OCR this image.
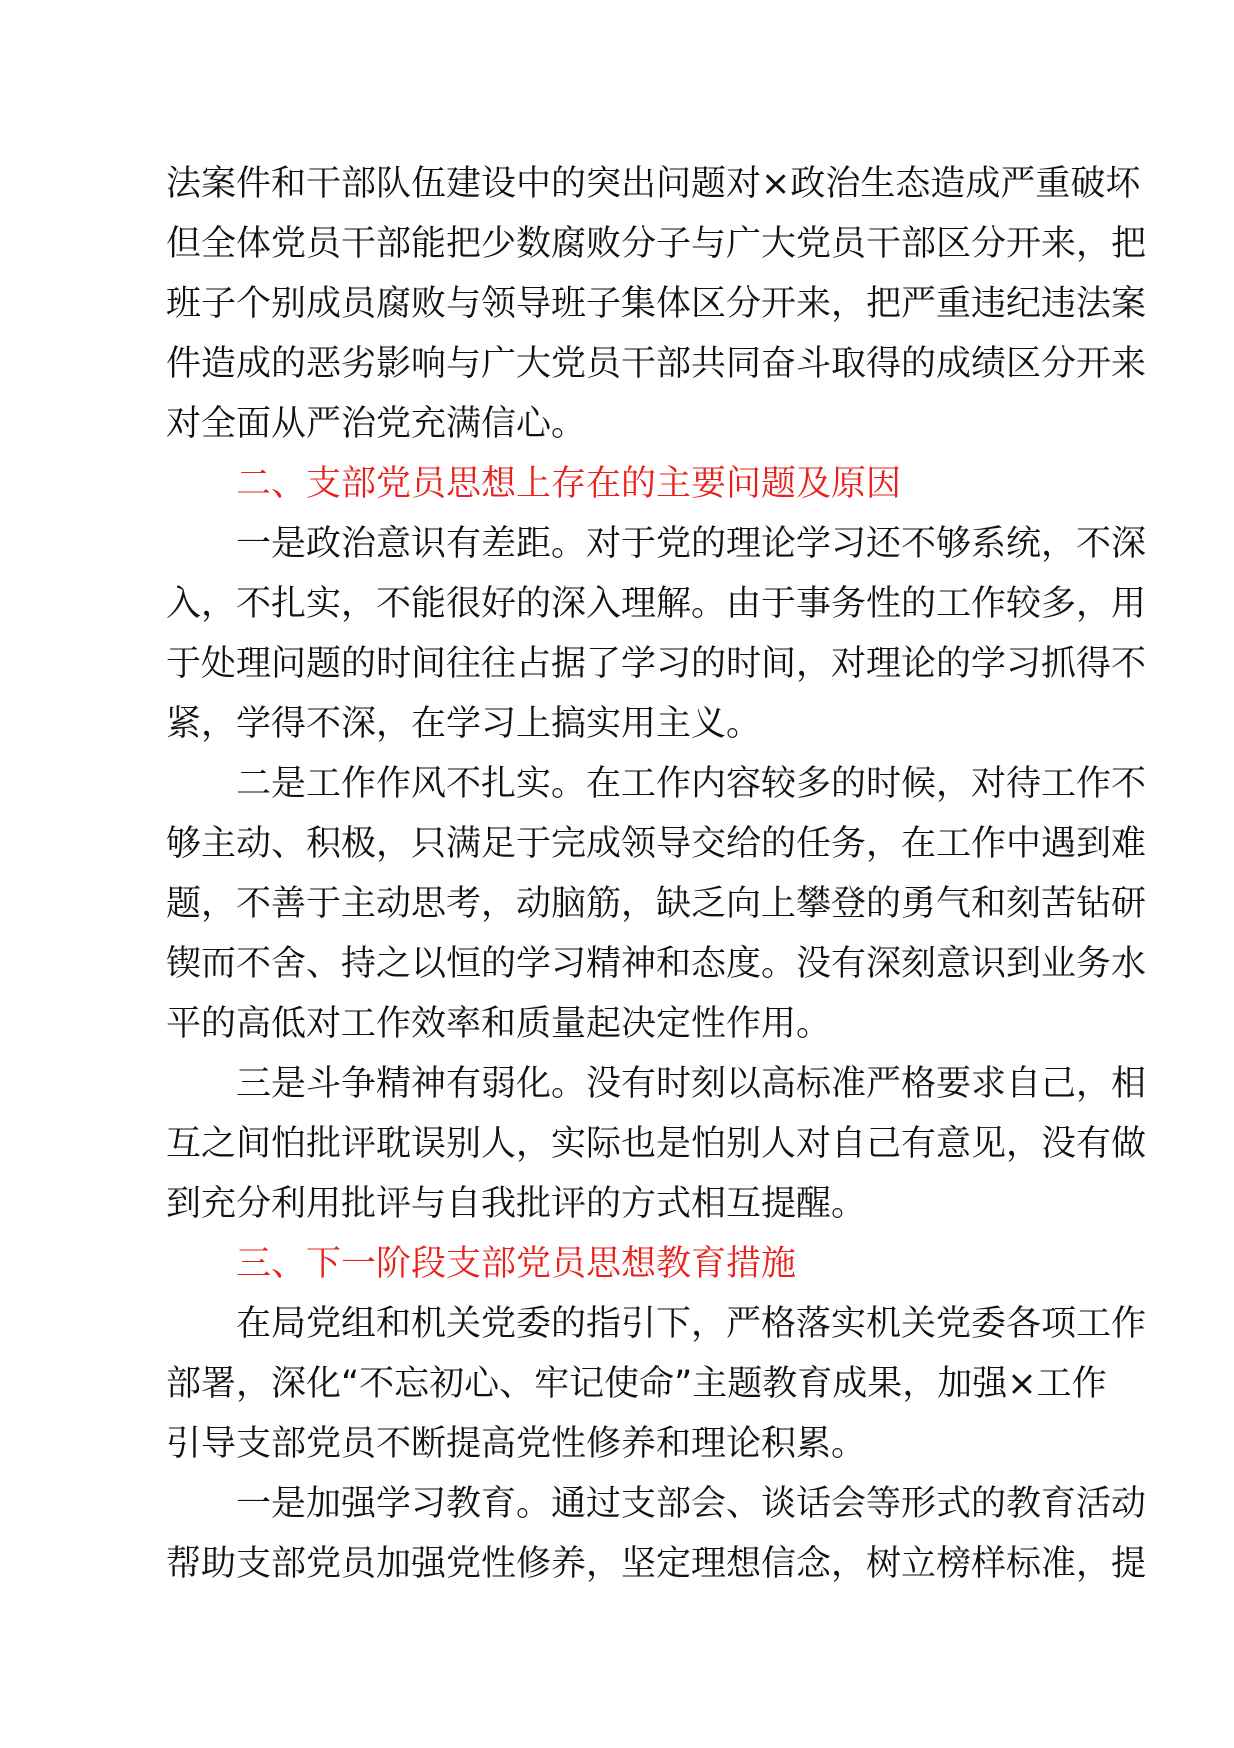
法案件和干部队伍建设中的突出问题对×政治生态造成严重破坏
但全体党员干部能把少数腐败分子与广大党员干部区分开来，把
班子个别成员腐败与领导班子集体区分开来，把严重违纪违法案
件造成的恶劣影响与广大党员干部共同奋斗取得的成绩区分开来
对全面从严治党充满信心。
二、支部党员思想上存在的主要问题及原因
一是政治意识有差距。对于党的理论学习还不够系统，不深
入，不扎实，不能很好的深入理解。由于事务性的工作较多，用
于处理问题的时间往往占据了学习的时间，对理论的学习抓得不
紧，学得不深，在学习上搞实用主义。
二是工作作风不扎实。在工作内容较多的时候，对待工作不
够主动、积极，只满足于完成领导交给的任务，在工作中遇到难
题，不善于主动思考，动脑筋，缺乏向上攀登的勇气和刻苦钻研
锲而不舍、持之以恒的学习精神和态度。没有深刻意识到业务水
平的高低对工作效率和质量起决定性作用。
三是斗争精神有弱化。没有时刻以高标准严格要求自己，相
互之间怕批评耽误别人，实际也是怕别人对自己有意见，没有做
到充分利用批评与自我批评的方式相互提醒。
三、下一阶段支部党员思想教育措施
在局党组和机关党委的指引下，严格落实机关党委各项工作
部署，深化“不忘初心、牢记使命”主题教育成果，加强×工作
引导支部党员不断提高党性修养和理论积累。
一是加强学习教育。通过支部会、谈话会等形式的教育活动
帮助支部党员加强党性修养，坚定理想信念，树立榜样标准，提
